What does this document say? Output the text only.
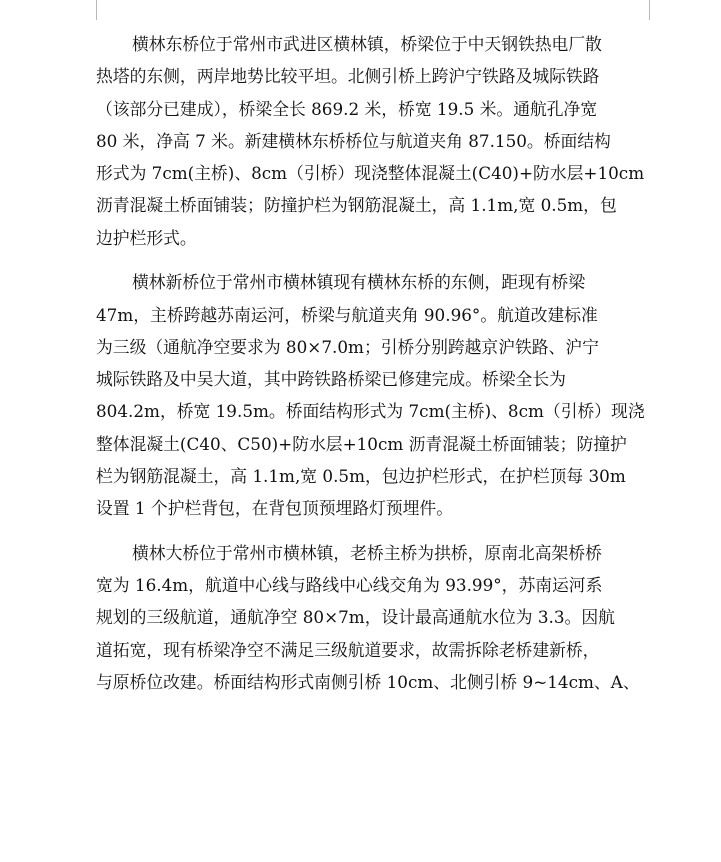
横林东桥位于常州市武进区横林镇，桥梁位于中天钢铁热电厂散
热塔的东侧，两岸地势比较平坦。北侧引桥上跨沪宁铁路及城际铁路
（该部分已建成），桥梁全长 869.2 米，桥宽 19.5 米。通航孔净宽
80 米，净高 7 米。新建横林东桥桥位与航道夹角 87.150。桥面结构
形式为 7cm(主桥)、8cm（引桥）现浇整体混凝土(C40)+防水层+10cm
沥青混凝土桥面铺装；防撞护栏为钢筋混凝土，高 1.1m,宽 0.5m，包
边护栏形式。
横林新桥位于常州市横林镇现有横林东桥的东侧，距现有桥梁
47m，主桥跨越苏南运河，桥梁与航道夹角 90.96°。航道改建标准
为三级（通航净空要求为 80×7.0m；引桥分别跨越京沪铁路、沪宁
城际铁路及中吴大道，其中跨铁路桥梁已修建完成。桥梁全长为
804.2m，桥宽 19.5m。桥面结构形式为 7cm(主桥)、8cm（引桥）现浇
整体混凝土(C40、C50)+防水层+10cm 沥青混凝土桥面铺装；防撞护
栏为钢筋混凝土，高 1.1m,宽 0.5m，包边护栏形式，在护栏顶每 30m
设置 1 个护栏背包，在背包顶预埋路灯预埋件。
横林大桥位于常州市横林镇，老桥主桥为拱桥，原南北高架桥桥
宽为 16.4m，航道中心线与路线中心线交角为 93.99°，苏南运河系
规划的三级航道，通航净空 80×7m，设计最高通航水位为 3.3。因航
道拓宽，现有桥梁净空不满足三级航道要求，故需拆除老桥建新桥，
与原桥位改建。桥面结构形式南侧引桥 10cm、北侧引桥 9~14cm、A、
